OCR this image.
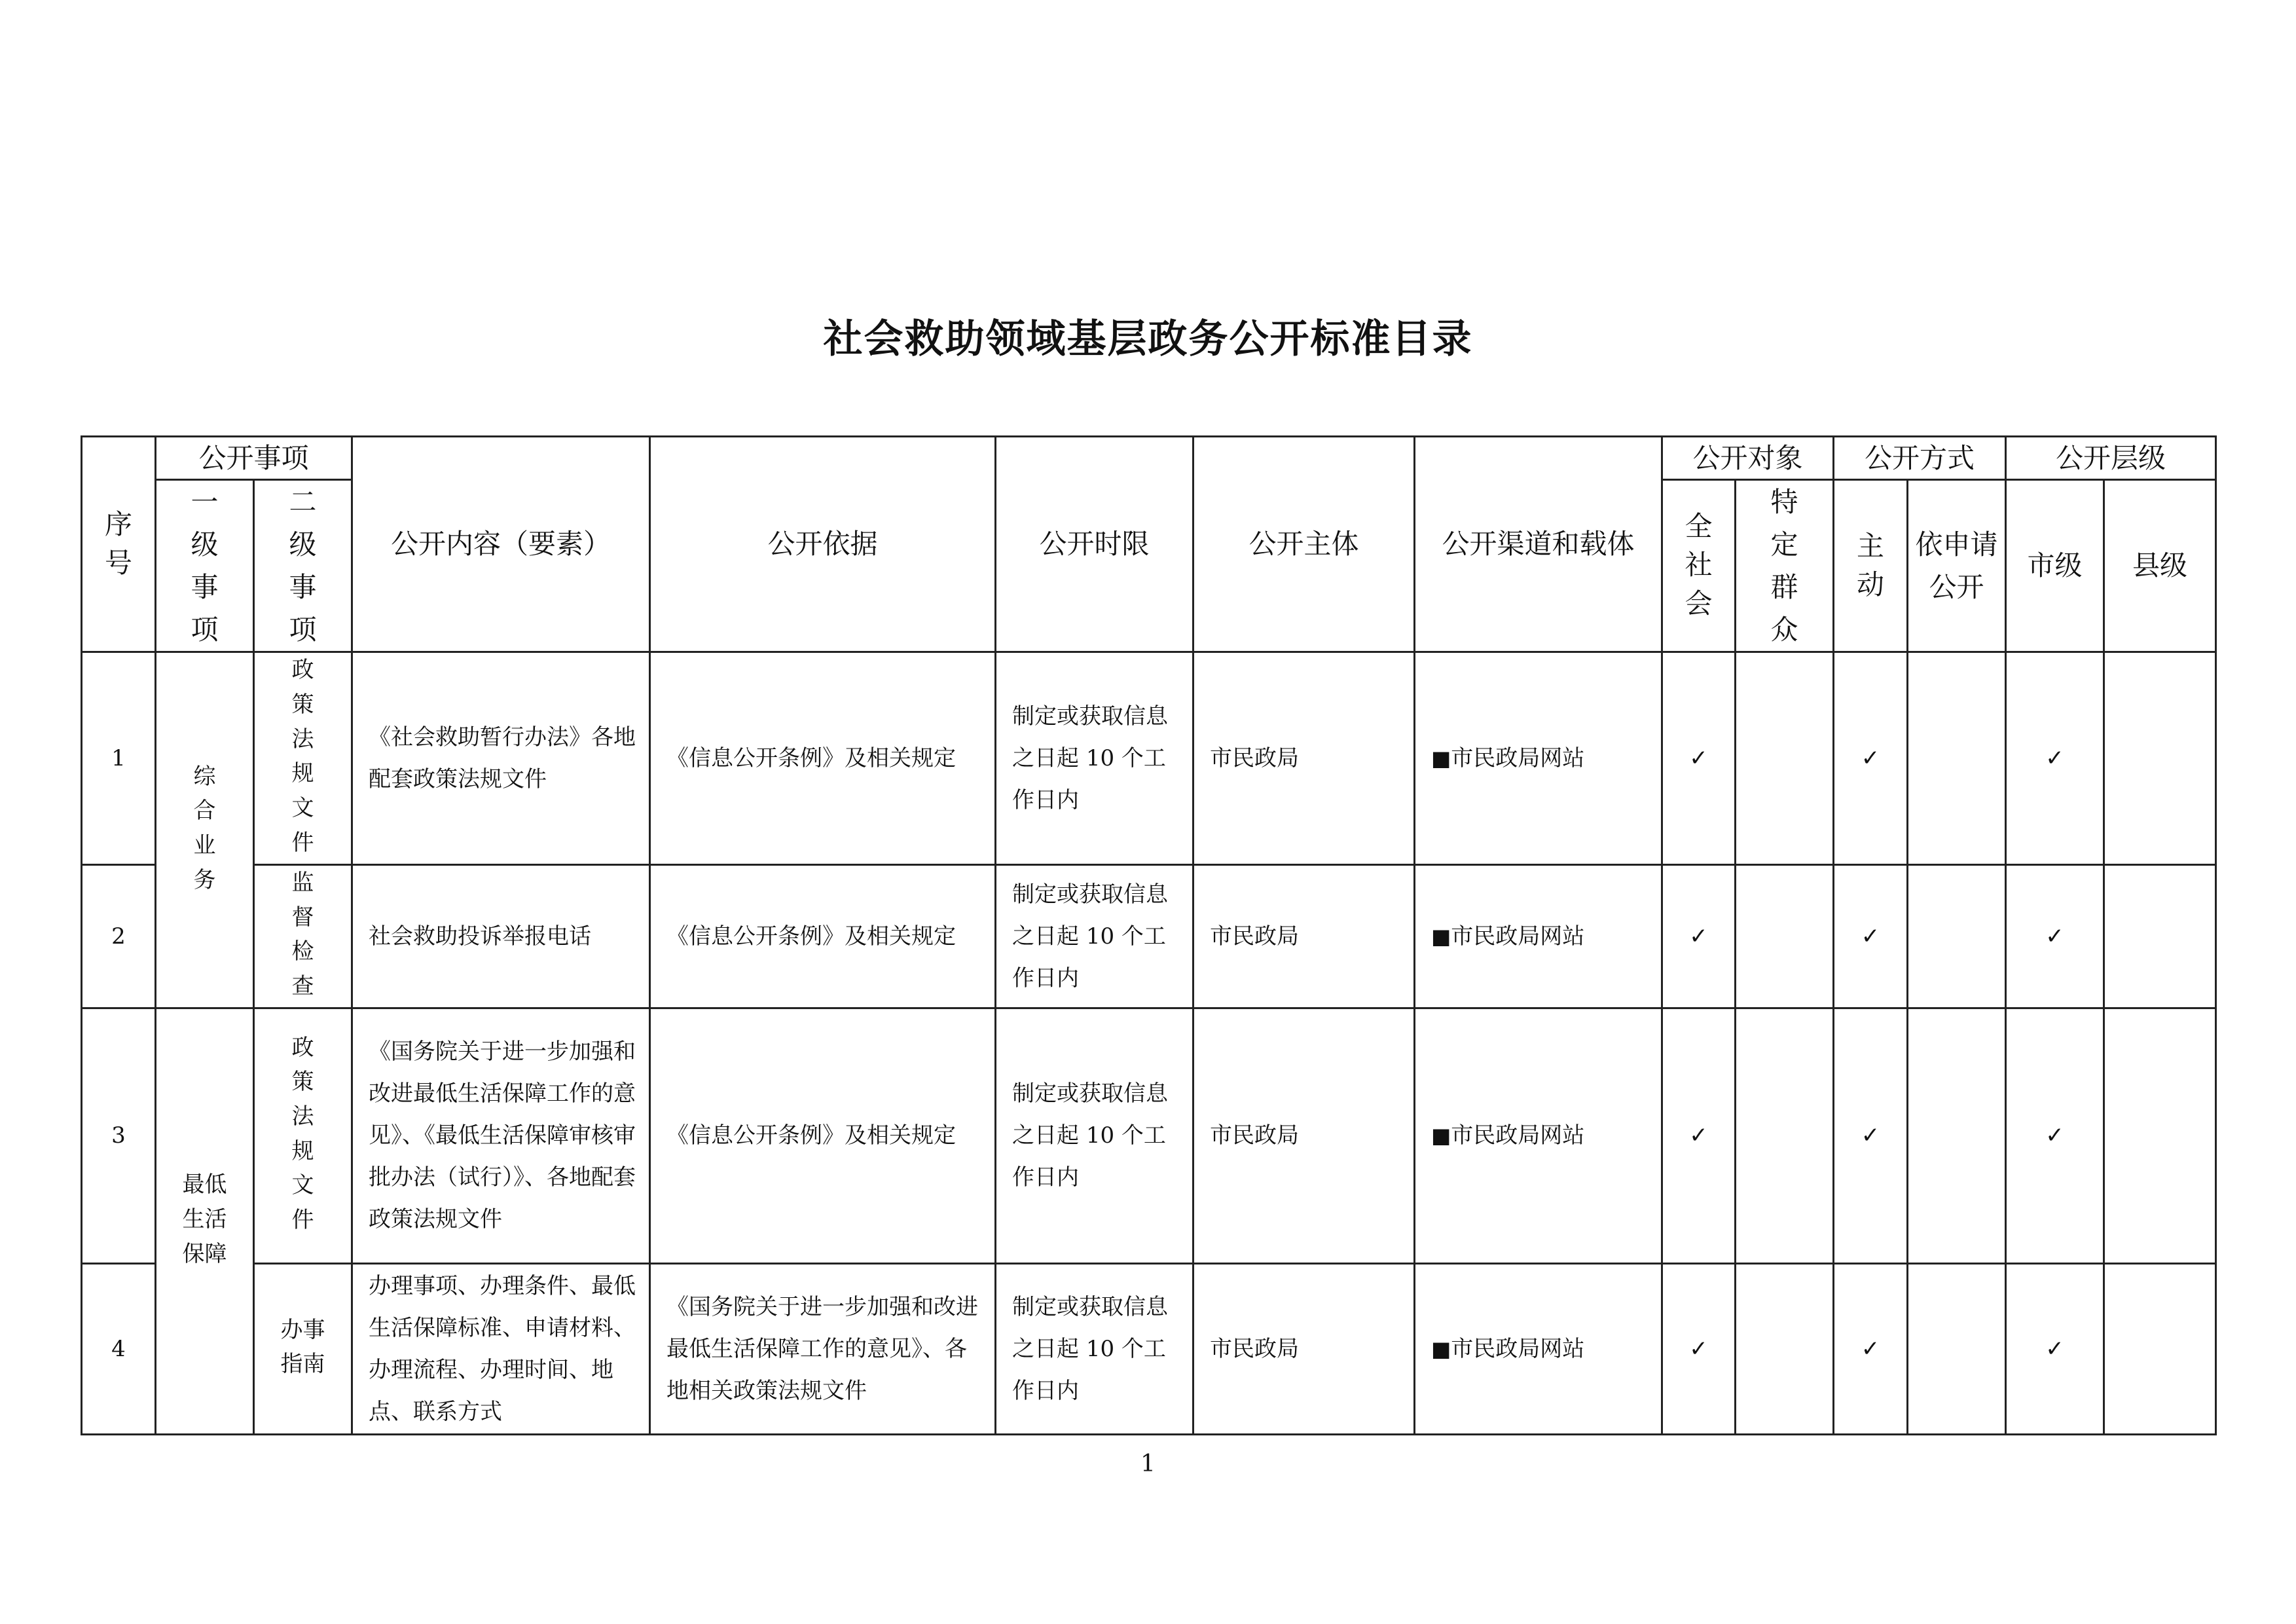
社会救助领域基层政务公开标准目录
序号	公开事项		公开内容（要素）	公开依据	公开时限	公开主体	公开渠道和载体	公开对象		公开方式		公开层级	
	一级事项	二级事项						全社会	特定群众	主动	依申请公开	市级	县级
1	综合业务	政策法规文件	《社会救助暂行办法》各地配套政策法规文件	《信息公开条例》及相关规定	制定或获取信息之日起 10 个工作日内	市民政局	■市民政局网站	✓		✓		✓	
2		监督检查	社会救助投诉举报电话	《信息公开条例》及相关规定	制定或获取信息之日起 10 个工作日内	市民政局	■市民政局网站	✓		✓		✓	
3	最低生活保障	政策法规文件	《国务院关于进一步加强和改进最低生活保障工作的意见》、《最低生活保障审核审批办法（试行）》、各地配套政策法规文件	《信息公开条例》及相关规定	制定或获取信息之日起 10 个工作日内	市民政局	■市民政局网站	✓		✓		✓	
4		办事指南	办理事项、办理条件、最低生活保障标准、申请材料、办理流程、办理时间、地点、联系方式	《国务院关于进一步加强和改进最低生活保障工作的意见》、各地相关政策法规文件	制定或获取信息之日起 10 个工作日内	市民政局	■市民政局网站	✓		✓		✓	
1
